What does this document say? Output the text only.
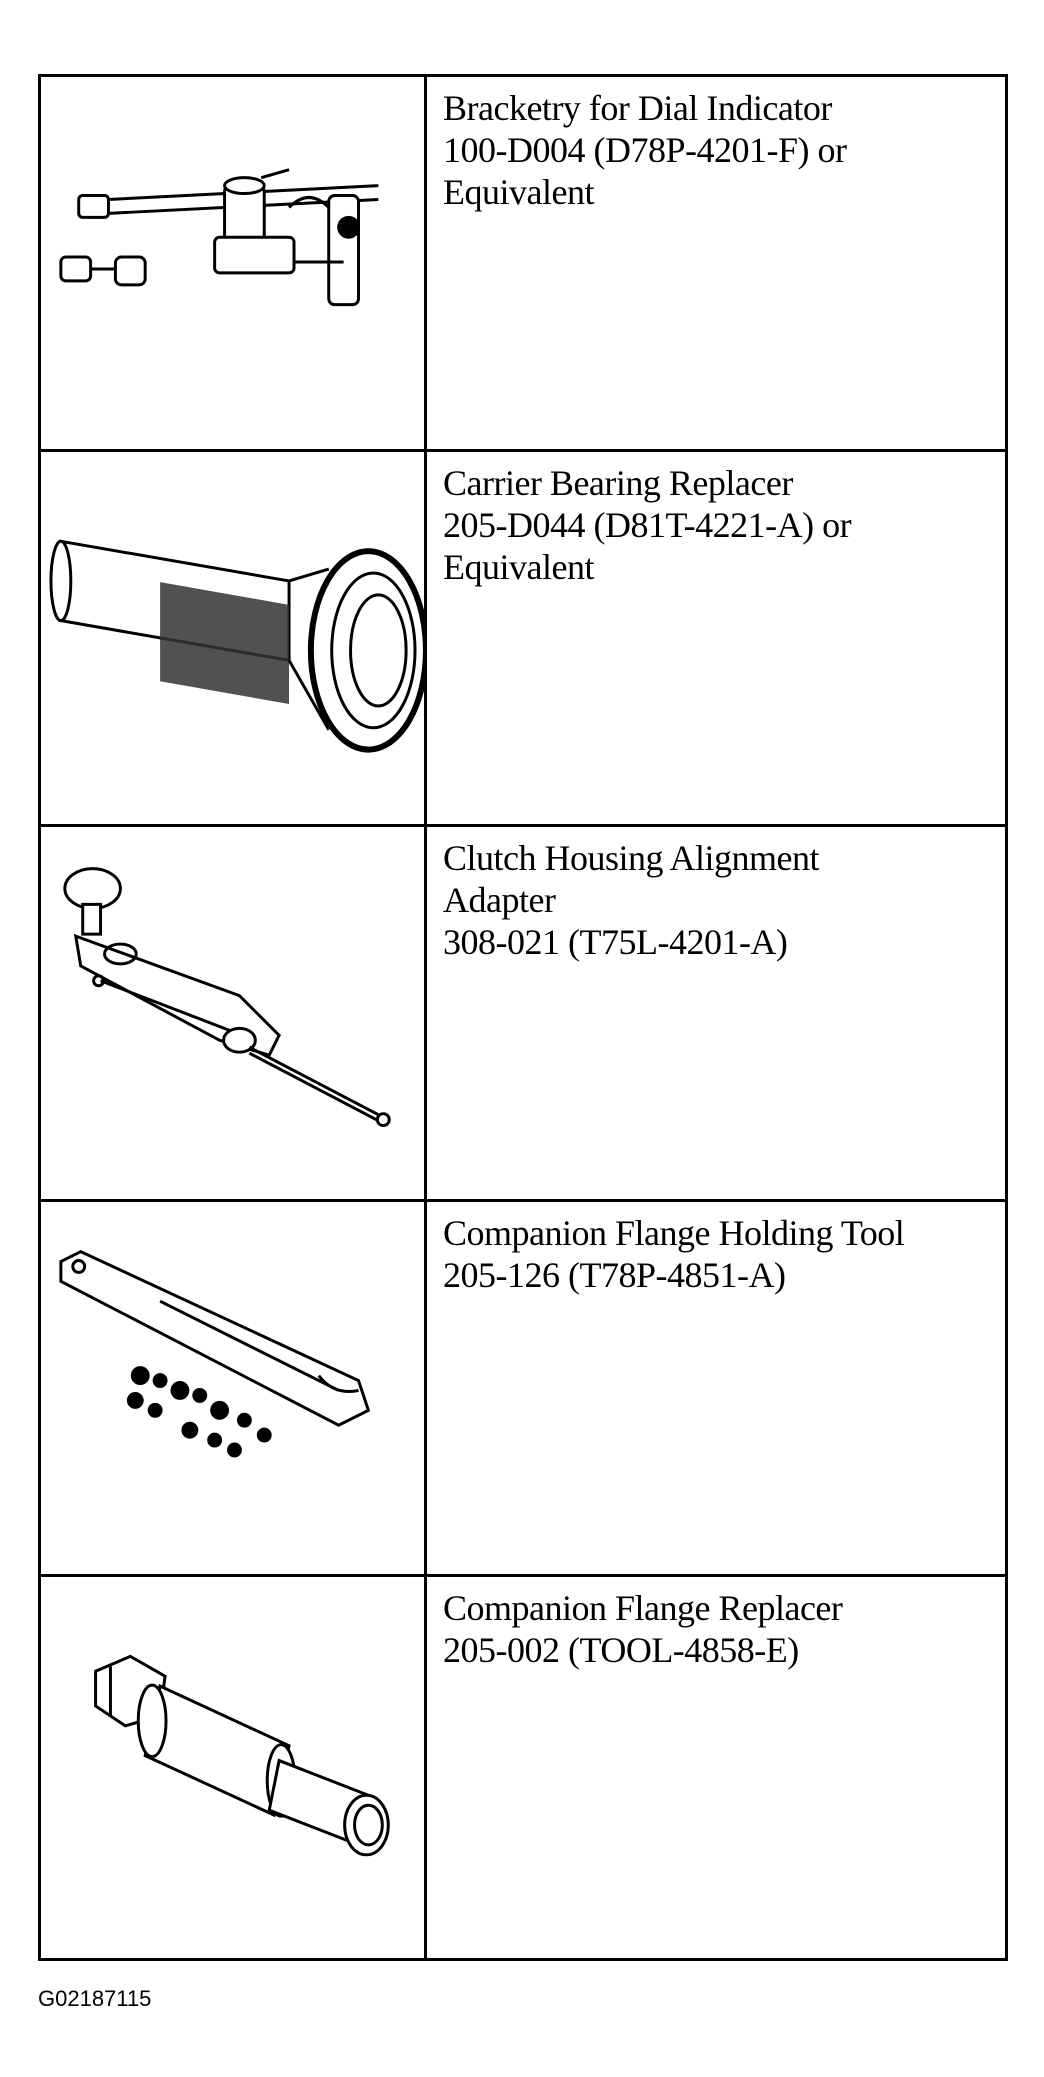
Bracketry for Dial Indicator
100-D004 (D78P-4201-F) or
Equivalent
Carrier Bearing Replacer
205-D044 (D81T-4221-A) or
Equivalent
Clutch Housing Alignment
Adapter
308-021 (T75L-4201-A)
Companion Flange Holding Tool
205-126 (T78P-4851-A)
Companion Flange Replacer
205-002 (TOOL-4858-E)
G02187115
